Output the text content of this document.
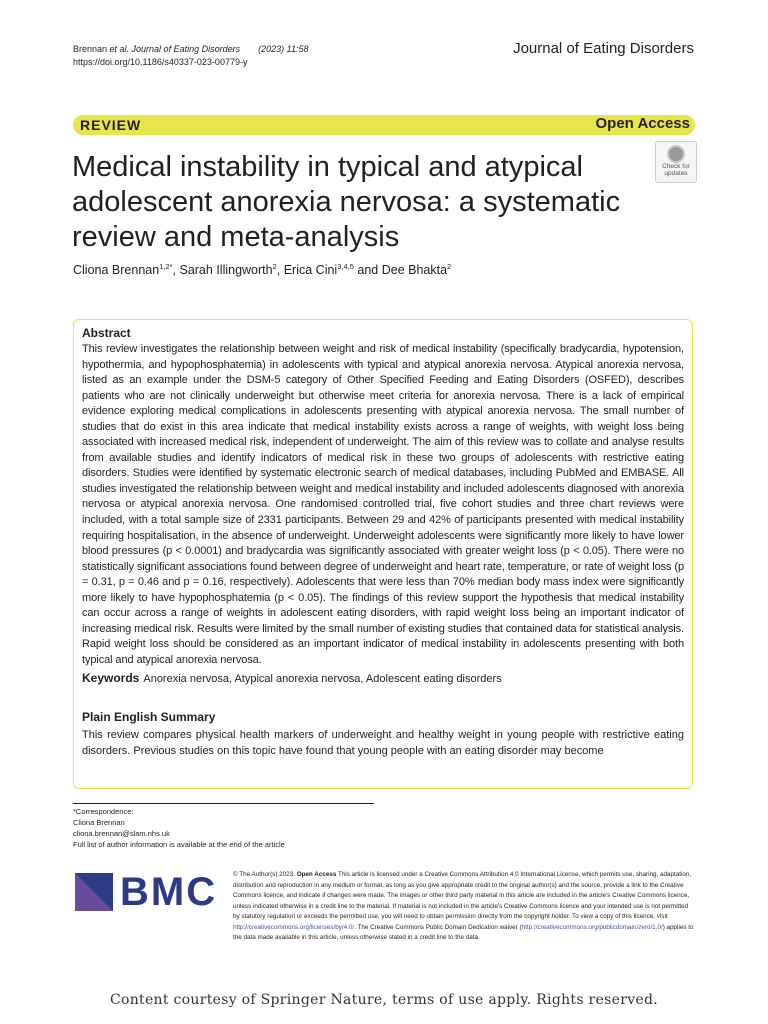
Brennan et al. Journal of Eating Disorders (2023) 11:58
https://doi.org/10.1186/s40337-023-00779-y
Journal of Eating Disorders
REVIEW	Open Access
Medical instability in typical and atypical adolescent anorexia nervosa: a systematic review and meta-analysis
Check for
updates
Cliona Brennan$^{1,2*}$, Sarah Illingworth$^2$, Erica Cini$^{3,4,5}$ and Dee Bhakta$^2$
Abstract
This review investigates the relationship between weight and risk of medical instability (specifically bradycardia, hypotension, hypothermia, and hypophosphatemia) in adolescents with typical and atypical anorexia nervosa. Atypical anorexia nervosa, listed as an example under the DSM-5 category of Other Specified Feeding and Eating Disorders (OSFED), describes patients who are not clinically underweight but otherwise meet criteria for anorexia nervosa. There is a lack of empirical evidence exploring medical complications in adolescents presenting with atypical anorexia nervosa. The small number of studies that do exist in this area indicate that medical instability exists across a range of weights, with weight loss being associated with increased medical risk, independent of underweight. The aim of this review was to collate and analyse results from available studies and identify indicators of medical risk in these two groups of adolescents with restrictive eating disorders. Studies were identified by systematic electronic search of medical databases, including PubMed and EMBASE. All studies investigated the relationship between weight and medical instability and included adolescents diagnosed with anorexia nervosa or atypical anorexia nervosa. One randomised controlled trial, five cohort studies and three chart reviews were included, with a total sample size of 2331 participants. Between 29 and 42% of participants presented with medical instability requiring hospitalisation, in the absence of underweight. Underweight adolescents were significantly more likely to have lower blood pressures (p < 0.0001) and bradycardia was significantly associated with greater weight loss (p < 0.05). There were no statistically significant associations found between degree of underweight and heart rate, temperature, or rate of weight loss (p = 0.31, p = 0.46 and p = 0.16, respectively). Adolescents that were less than 70% median body mass index were significantly more likely to have hypophosphatemia (p < 0.05). The findings of this review support the hypothesis that medical instability can occur across a range of weights in adolescent eating disorders, with rapid weight loss being an important indicator of increasing medical risk. Results were limited by the small number of existing studies that contained data for statistical analysis. Rapid weight loss should be considered as an important indicator of medical instability in adolescents presenting with both typical and atypical anorexia nervosa.
Keywords Anorexia nervosa, Atypical anorexia nervosa, Adolescent eating disorders
Plain English Summary
This review compares physical health markers of underweight and healthy weight in young people with restrictive eating disorders. Previous studies on this topic have found that young people with an eating disorder may become
*Correspondence:
Cliona Brennan
cliona.brennan@slam.nhs.uk
Full list of author information is available at the end of the article
BMC	© The Author(s) 2023. Open Access This article is licensed under a Creative Commons Attribution 4.0 International License, which permits use, sharing, adaptation, distribution and reproduction in any medium or format, as long as you give appropriate credit to the original author(s) and the source, provide a link to the Creative Commons licence, and indicate if changes were made. The images or other third party material in this article are included in the article's Creative Commons licence, unless indicated otherwise in a credit line to the material. If material is not included in the article's Creative Commons licence and your intended use is not permitted by statutory regulation or exceeds the permitted use, you will need to obtain permission directly from the copyright holder. To view a copy of this licence, visit http://creativecommons.org/licenses/by/4.0/. The Creative Commons Public Domain Dedication waiver (http://creativecommons.org/publicdomain/zero/1.0/) applies to the data made available in this article, unless otherwise stated in a credit line to the data.
Content courtesy of Springer Nature, terms of use apply. Rights reserved.
